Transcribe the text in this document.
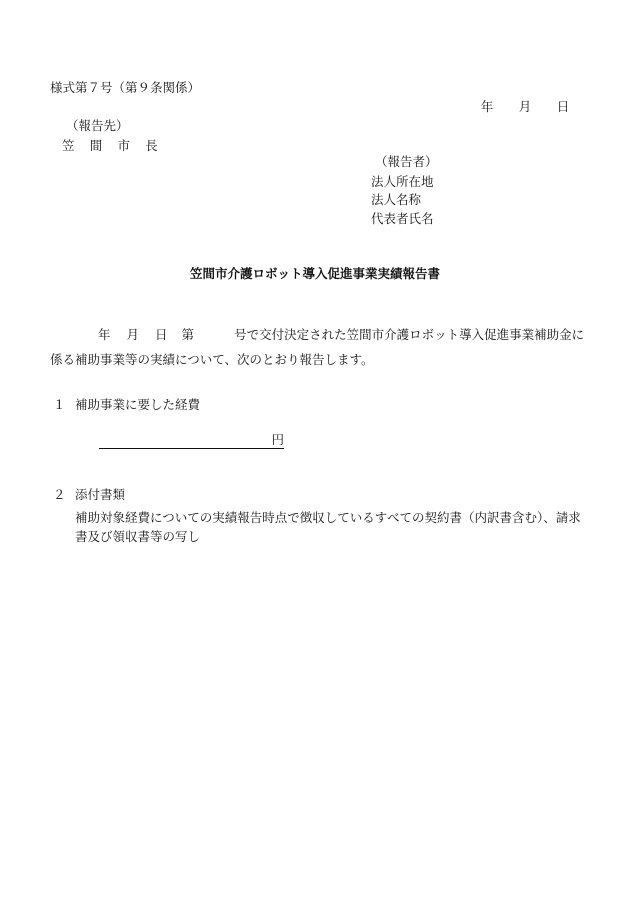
様式第７号（第９条関係）
年 月 日
（報告先）
笠 間 市 長
（報告者）
法人所在地
法人名称
代表者氏名
笠間市介護ロボット導入促進事業実績報告書
年 月 日 第	号で交付決定された笠間市介護ロボット導入促進事業補助金に
係る補助事業等の実績について、次のとおり報告します。
１ 補助事業に要した経費
円
２ 添付書類
補助対象経費についての実績報告時点で徴収しているすべての契約書（内訳書含む）、請求
書及び領収書等の写し
